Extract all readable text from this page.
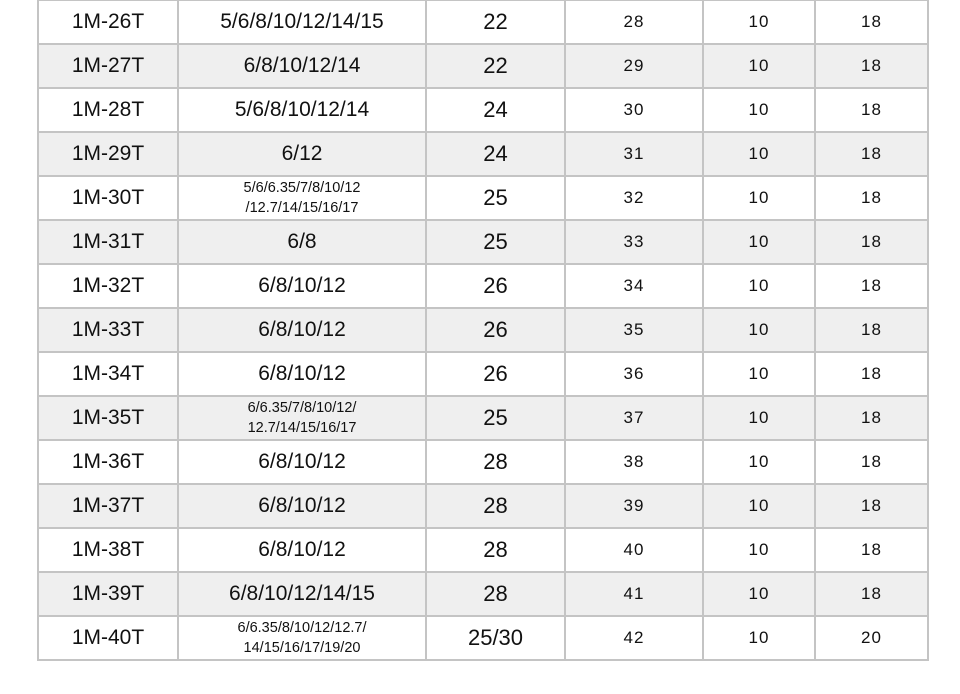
1M-26T	5/6/8/10/12/14/15	22	28	10	18
1M-27T	6/8/10/12/14	22	29	10	18
1M-28T	5/6/8/10/12/14	24	30	10	18
1M-29T	6/12	24	31	10	18
1M-30T	5/6/6.35/7/8/10/12
/12.7/14/15/16/17	25	32	10	18
1M-31T	6/8	25	33	10	18
1M-32T	6/8/10/12	26	34	10	18
1M-33T	6/8/10/12	26	35	10	18
1M-34T	6/8/10/12	26	36	10	18
1M-35T	6/6.35/7/8/10/12/
12.7/14/15/16/17	25	37	10	18
1M-36T	6/8/10/12	28	38	10	18
1M-37T	6/8/10/12	28	39	10	18
1M-38T	6/8/10/12	28	40	10	18
1M-39T	6/8/10/12/14/15	28	41	10	18
1M-40T	6/6.35/8/10/12/12.7/
14/15/16/17/19/20	25/30	42	10	20
